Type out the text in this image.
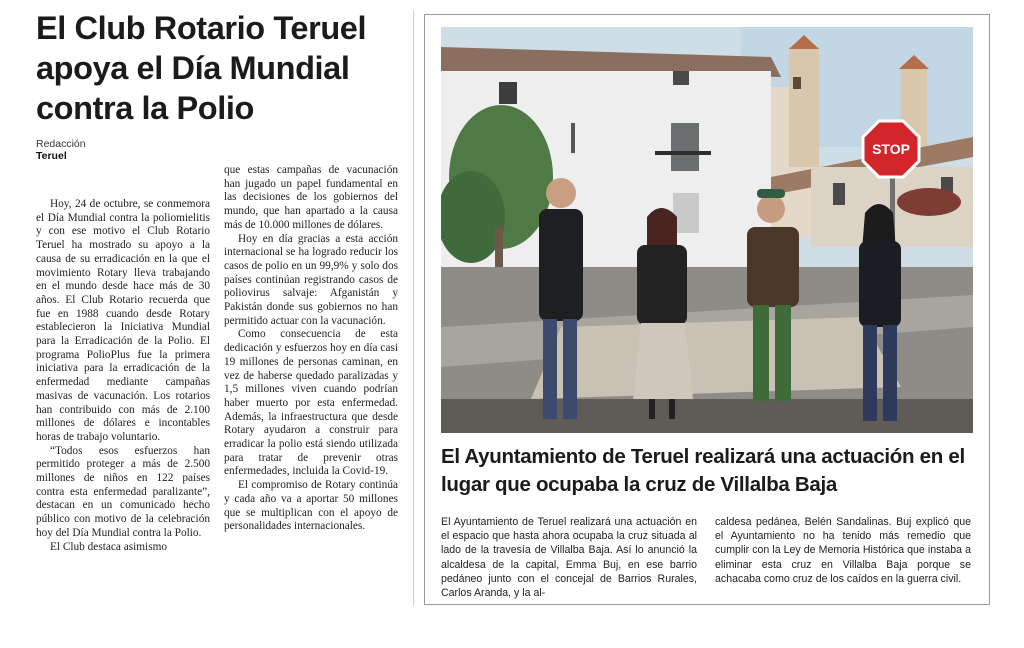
El Club Rotario Teruel apoya el Día Mundial contra la Polio
Redacción
Teruel

Hoy, 24 de octubre, se conmemora el Día Mundial contra la poliomielitis y con ese motivo el Club Rotario Teruel ha mostrado su apoyo a la causa de su erradicación en la que el movimiento Rotary lleva trabajando en el mundo desde hace más de 30 años. El Club Rotario recuerda que fue en 1988 cuando desde Rotary establecieron la Iniciativa Mundial para la Erradicación de la Polio. El programa PolioPlus fue la primera iniciativa para la erradicación de la enfermedad mediante campañas masivas de vacunación. Los rotarios han contribuido con más de 2.100 millones de dólares e incontables horas de trabajo voluntario.

“Todos esos esfuerzos han permitido proteger a más de 2.500 millones de niños en 122 países contra esta enfermedad paralizante”, destacan en un comunicado hecho público con motivo de la celebración hoy del Día Mundial contra la Polio.

El Club destaca asimismo

que estas campañas de vacunación han jugado un papel fundamental en las decisiones de los gobiernos del mundo, que han apartado a la causa más de 10.000 millones de dólares.

Hoy en día gracias a esta acción internacional se ha logrado reducir los casos de polio en un 99,9% y solo dos países continúan registrando casos de poliovirus salvaje: Afganistán y Pakistán donde sus gobiernos no han permitido actuar con la vacunación.

Como consecuencia de esta dedicación y esfuerzos hoy en día casi 19 millones de personas caminan, en vez de haberse quedado paralizadas y 1,5 millones viven cuando podrían haber muerto por esta enfermedad. Además, la infraestructura que desde Rotary ayudaron a construir para erradicar la polio está siendo utilizada para tratar de prevenir otras enfermedades, incluida la Covid-19.

El compromiso de Rotary continúa y cada año va a aportar 50 millones que se multiplican con el apoyo de personalidades internacionales.

STOP
El Ayuntamiento de Teruel realizará una actuación en el lugar que ocupaba la cruz de Villalba Baja
El Ayuntamiento de Teruel realizará una actuación en el espacio que hasta ahora ocupaba la cruz situada al lado de la travesía de Villalba Baja. Así lo anunció la alcaldesa de la capital, Emma Buj, en ese barrio pedáneo junto con el concejal de Barrios Rurales, Carlos Aranda, y la al-
caldesa pedánea, Belén Sandalinas. Buj explicó que el Ayuntamiento no ha tenido más remedio que cumplir con la Ley de Memoria Histórica que instaba a eliminar esta cruz en Villalba Baja porque se achacaba como cruz de los caídos en la guerra civil.
